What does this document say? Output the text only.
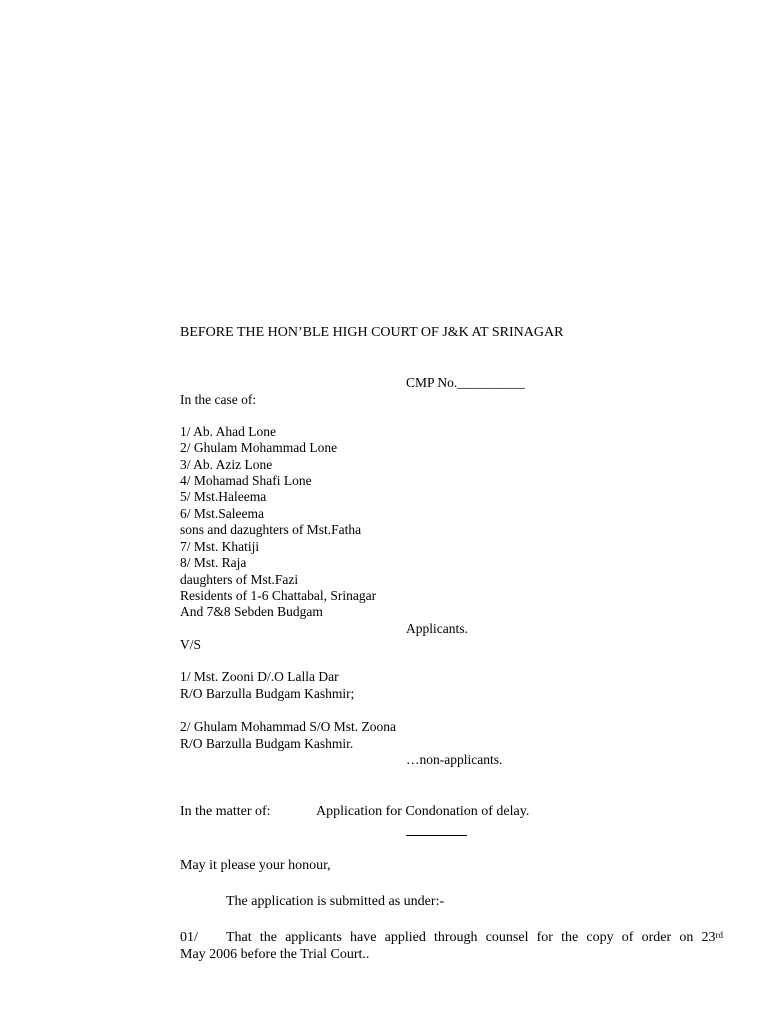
BEFORE THE HON’BLE HIGH COURT OF J&K AT SRINAGAR
CMP No.__________
In the case of:
1/ Ab. Ahad Lone
2/ Ghulam Mohammad Lone
3/ Ab. Aziz Lone
4/ Mohamad Shafi Lone
5/ Mst.Haleema
6/ Mst.Saleema
sons and dazughters of Mst.Fatha
7/ Mst. Khatiji
8/ Mst. Raja
daughters of Mst.Fazi
Residents of 1-6 Chattabal, Srinagar
And 7&8 Sebden Budgam
Applicants.
V/S
1/ Mst. Zooni D/.O Lalla Dar
R/O Barzulla Budgam Kashmir;
2/ Ghulam Mohammad S/O Mst. Zoona
R/O Barzulla Budgam Kashmir.
…non-applicants.
In the matter of:	Application for Condonation of delay.
May it please your honour,
The application is submitted as under:-
01/ That the applicants have applied through counsel for the copy of order on 23rd
May 2006 before the Trial Court..
